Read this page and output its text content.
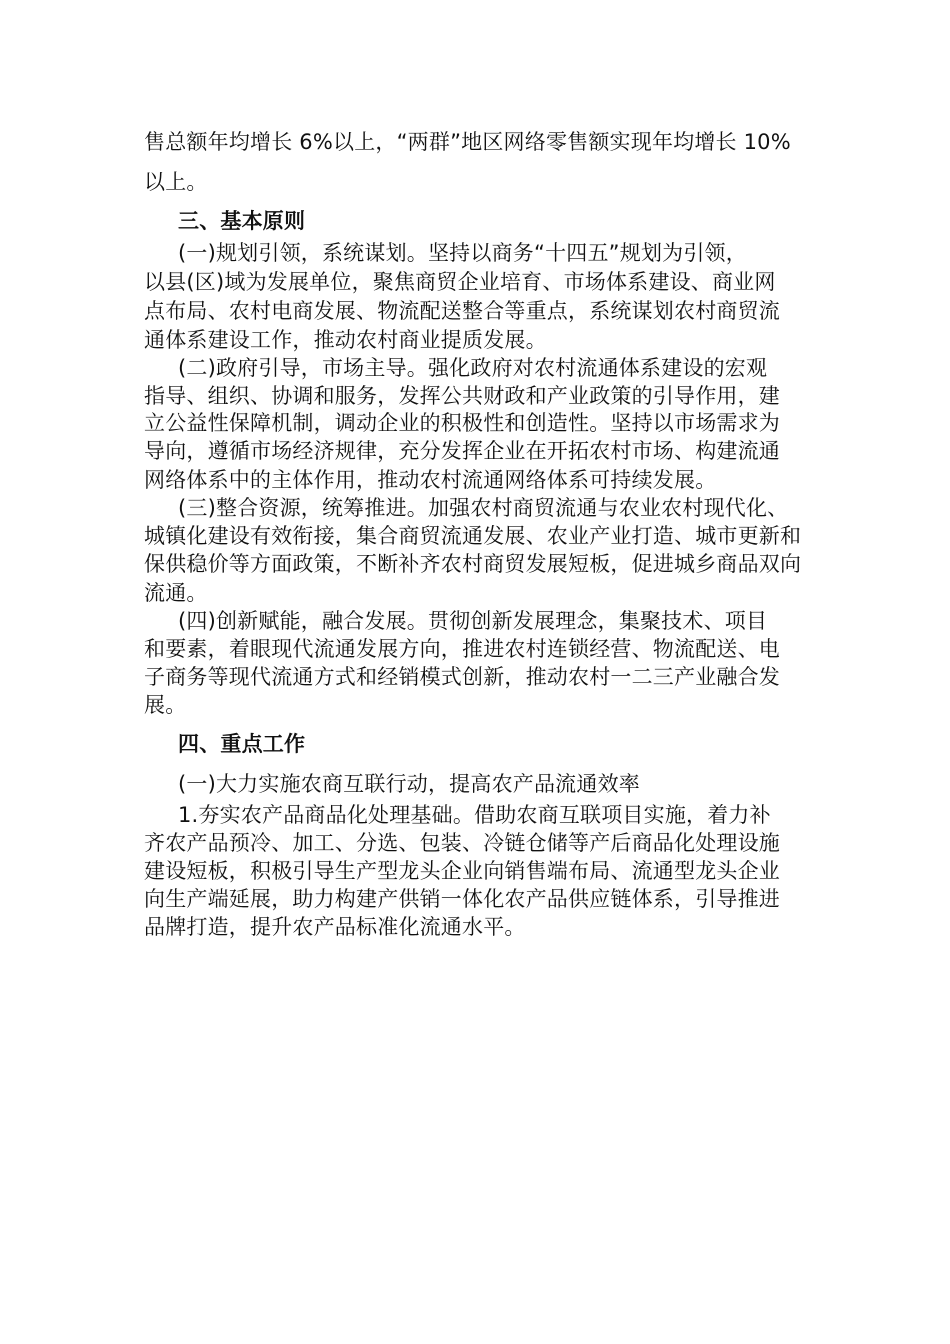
售总额年均增长 6%以上，“两群”地区网络零售额实现年均增长 10%
以上。
三、基本原则
(一)规划引领，系统谋划。坚持以商务“十四五”规划为引领，
以县(区)域为发展单位，聚焦商贸企业培育、市场体系建设、商业网
点布局、农村电商发展、物流配送整合等重点，系统谋划农村商贸流
通体系建设工作，推动农村商业提质发展。
(二)政府引导，市场主导。强化政府对农村流通体系建设的宏观
指导、组织、协调和服务，发挥公共财政和产业政策的引导作用，建
立公益性保障机制，调动企业的积极性和创造性。坚持以市场需求为
导向，遵循市场经济规律，充分发挥企业在开拓农村市场、构建流通
网络体系中的主体作用，推动农村流通网络体系可持续发展。
(三)整合资源，统筹推进。加强农村商贸流通与农业农村现代化、
城镇化建设有效衔接，集合商贸流通发展、农业产业打造、城市更新和
保供稳价等方面政策，不断补齐农村商贸发展短板，促进城乡商品双向
流通。
(四)创新赋能，融合发展。贯彻创新发展理念，集聚技术、项目
和要素，着眼现代流通发展方向，推进农村连锁经营、物流配送、电
子商务等现代流通方式和经销模式创新，推动农村一二三产业融合发
展。
四、重点工作
(一)大力实施农商互联行动，提高农产品流通效率
1.夯实农产品商品化处理基础。借助农商互联项目实施，着力补
齐农产品预冷、加工、分选、包装、冷链仓储等产后商品化处理设施
建设短板，积极引导生产型龙头企业向销售端布局、流通型龙头企业
向生产端延展，助力构建产供销一体化农产品供应链体系，引导推进
品牌打造，提升农产品标准化流通水平。
